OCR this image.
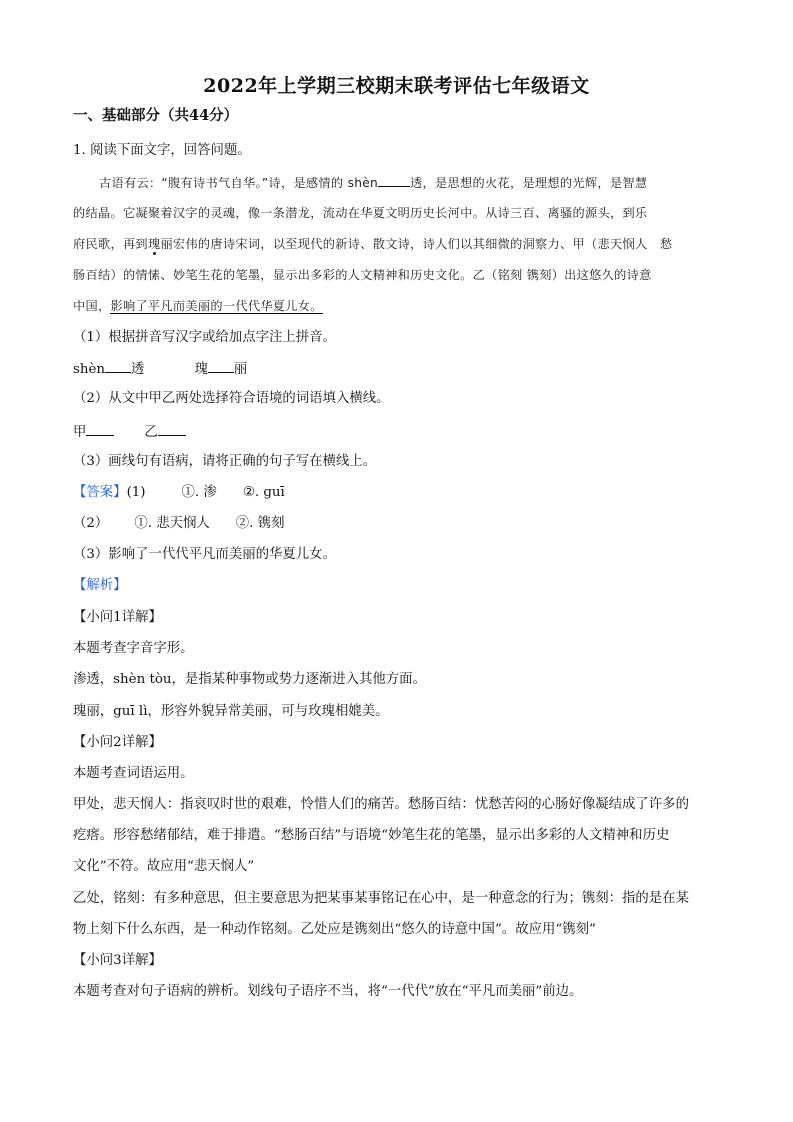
2022年上学期三校期末联考评估七年级语文
一、基础部分（共44分）
1. 阅读下面文字，回答问题。
古语有云：“腹有诗书气自华。”诗，是感情的 shèn	透，是思想的火花，是理想的光辉，是智慧
的结晶。它凝聚着汉字的灵魂，像一条潜龙，流动在华夏文明历史长河中。从诗三百、离骚的源头，到乐
府民歌，再到瑰丽宏伟的唐诗宋词，以至现代的新诗、散文诗，诗人们以其细微的洞察力、甲（悲天悯人　愁
肠百结）的情愫、妙笔生花的笔墨，显示出多彩的人文精神和历史文化。乙（铭刻 镌刻）出这悠久的诗意
中国，影响了平凡而美丽的一代代华夏儿女。
（1）根据拼音写汉字或给加点字注上拼音。
shèn 透	瑰 丽
（2）从文中甲乙两处选择符合语境的词语填入横线。
甲	乙
（3）画线句有语病，请将正确的句子写在横线上。
【答案】(1)	①. 渗 ②. guī
（2） ①. 悲天悯人 ②. 镌刻
（3）影响了一代代平凡而美丽的华夏儿女。
【解析】
【小问1详解】
本题考查字音字形。
渗透，shèn tòu，是指某种事物或势力逐渐进入其他方面。
瑰丽，guī lì，形容外貌异常美丽，可与玫瑰相媲美。
【小问2详解】
本题考查词语运用。
甲处，悲天悯人：指哀叹时世的艰难，怜惜人们的痛苦。愁肠百结：忧愁苦闷的心肠好像凝结成了许多的
疙瘩。形容愁绪郁结，难于排遣。“愁肠百结”与语境“妙笔生花的笔墨，显示出多彩的人文精神和历史
文化”不符。故应用“悲天悯人”
乙处，铭刻：有多种意思，但主要意思为把某事某事铭记在心中，是一种意念的行为；镌刻：指的是在某
物上刻下什么东西，是一种动作铭刻。乙处应是镌刻出“悠久的诗意中国”。故应用“镌刻”
【小问3详解】
本题考查对句子语病的辨析。划线句子语序不当，将“一代代”放在“平凡而美丽”前边。
